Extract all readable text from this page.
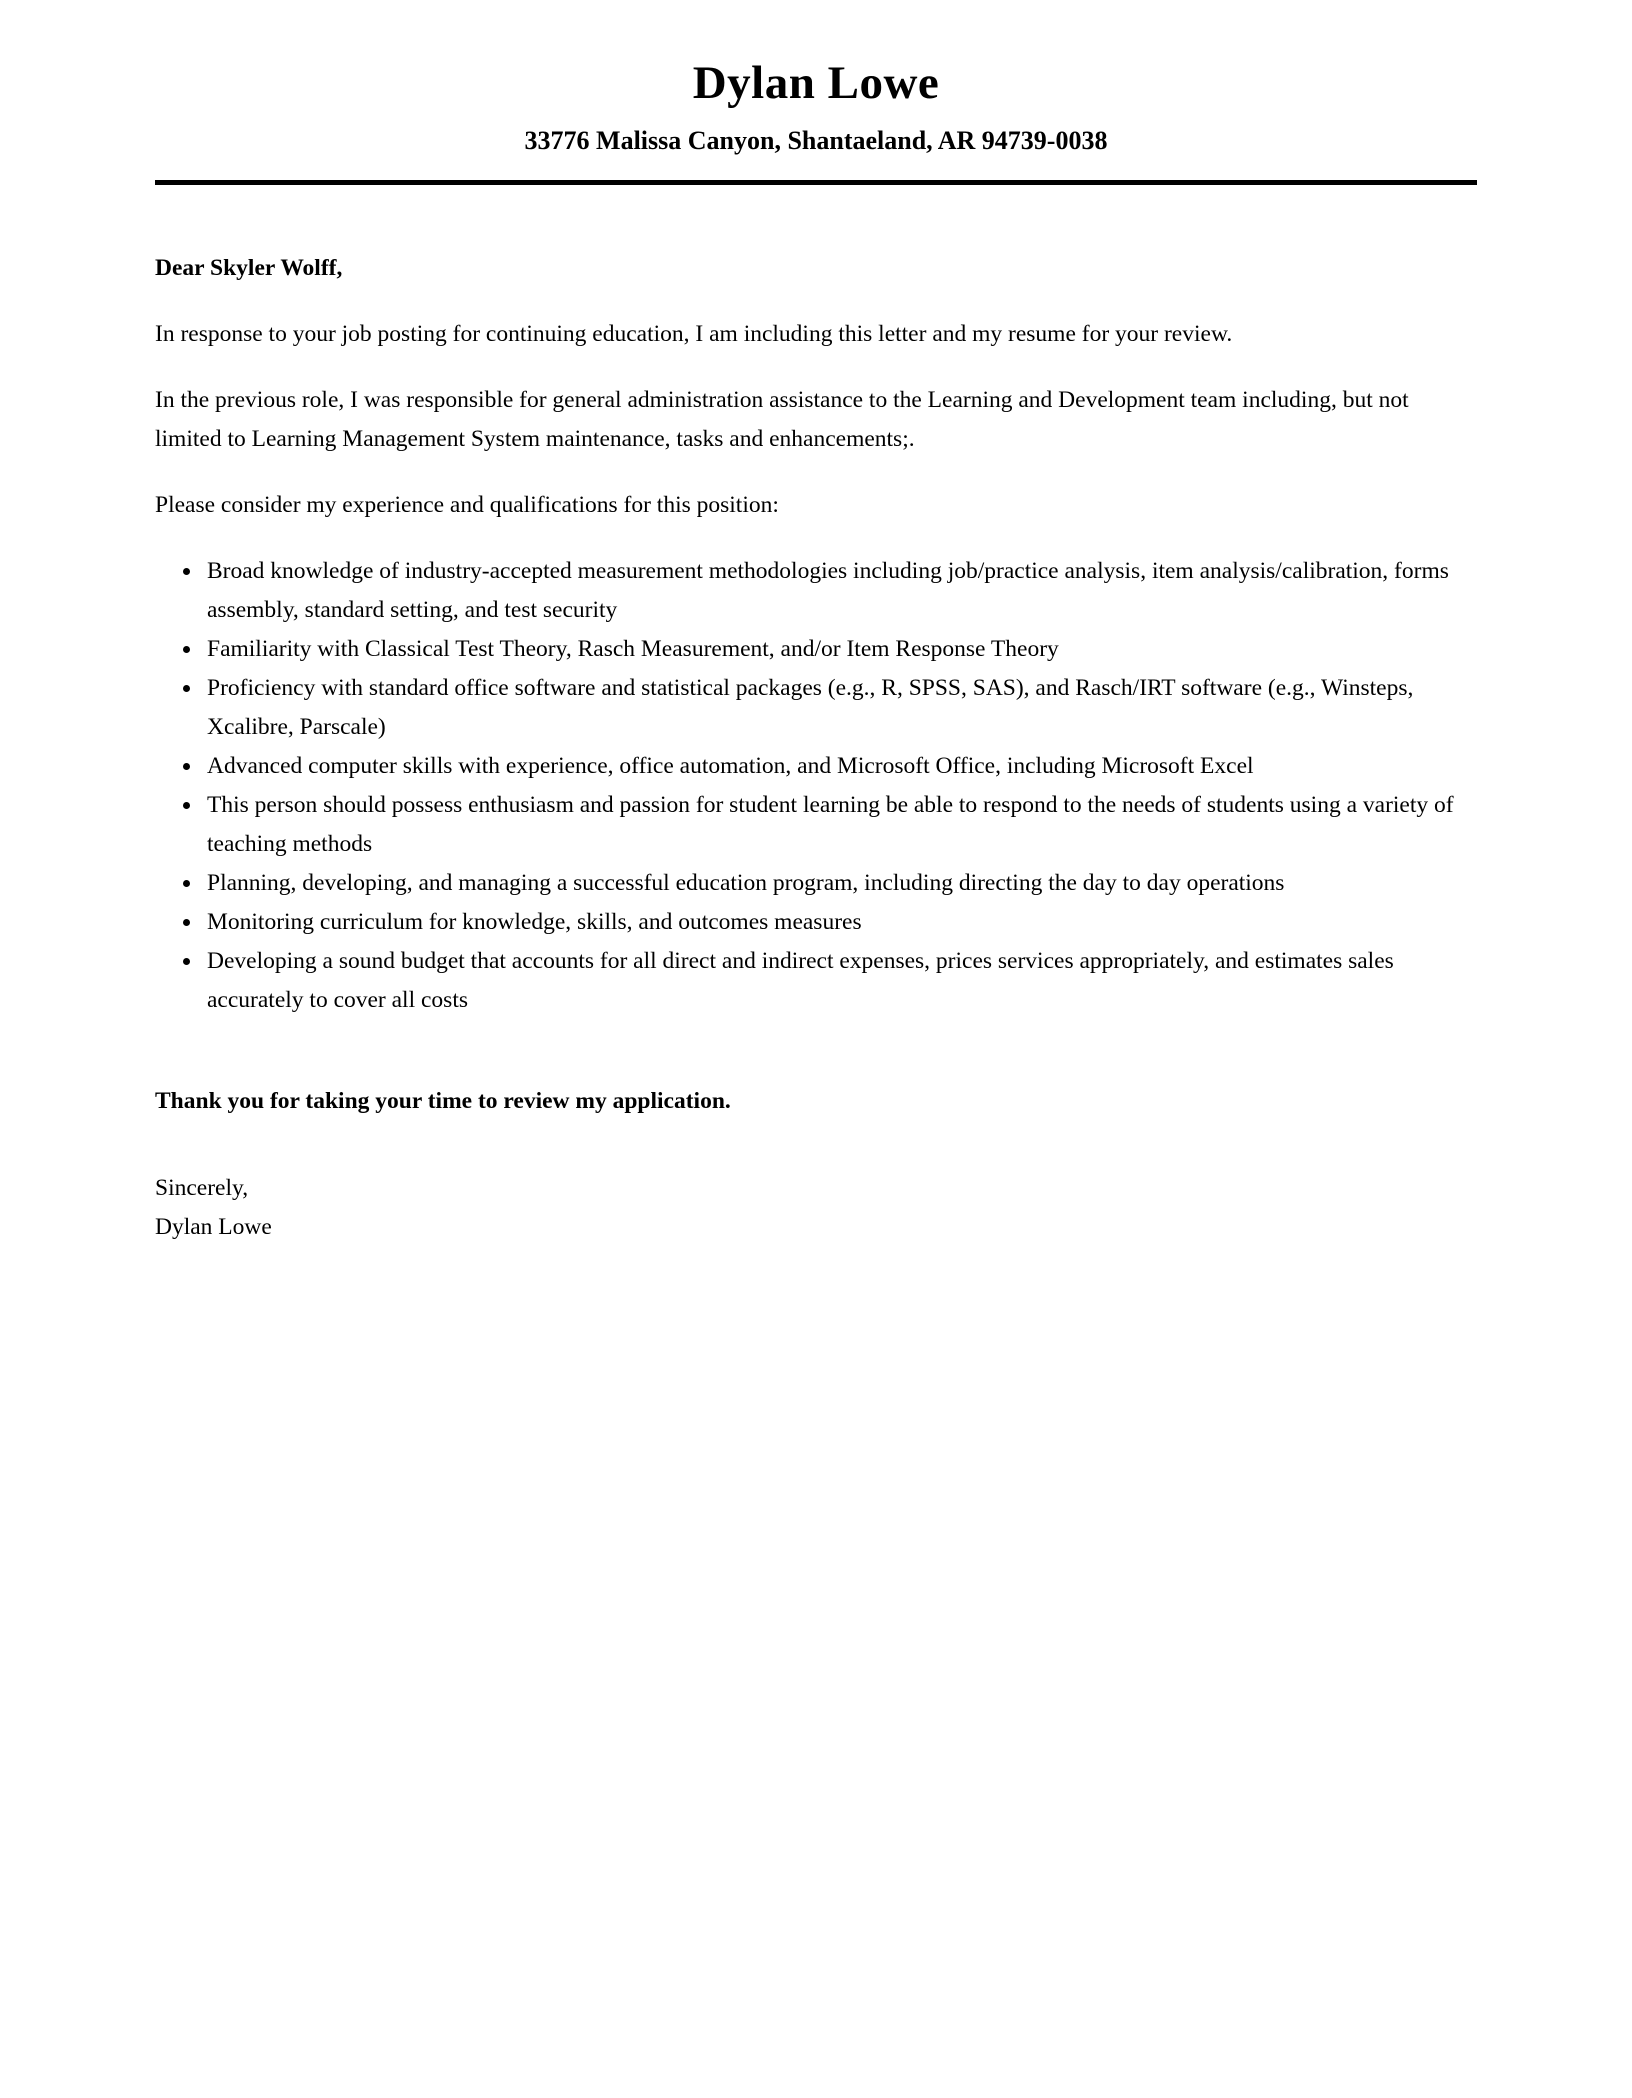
Dylan Lowe
33776 Malissa Canyon, Shantaeland, AR 94739-0038

Dear Skyler Wolff,

In response to your job posting for continuing education, I am including this letter and my resume for your review.

In the previous role, I was responsible for general administration assistance to the Learning and Development team including, but not limited to Learning Management System maintenance, tasks and enhancements;.

Please consider my experience and qualifications for this position:

• Broad knowledge of industry-accepted measurement methodologies including job/practice analysis, item analysis/calibration, forms assembly, standard setting, and test security
• Familiarity with Classical Test Theory, Rasch Measurement, and/or Item Response Theory
• Proficiency with standard office software and statistical packages (e.g., R, SPSS, SAS), and Rasch/IRT software (e.g., Winsteps, Xcalibre, Parscale)
• Advanced computer skills with experience, office automation, and Microsoft Office, including Microsoft Excel
• This person should possess enthusiasm and passion for student learning be able to respond to the needs of students using a variety of teaching methods
• Planning, developing, and managing a successful education program, including directing the day to day operations
• Monitoring curriculum for knowledge, skills, and outcomes measures
• Developing a sound budget that accounts for all direct and indirect expenses, prices services appropriately, and estimates sales accurately to cover all costs

Thank you for taking your time to review my application.

Sincerely,

Dylan Lowe
